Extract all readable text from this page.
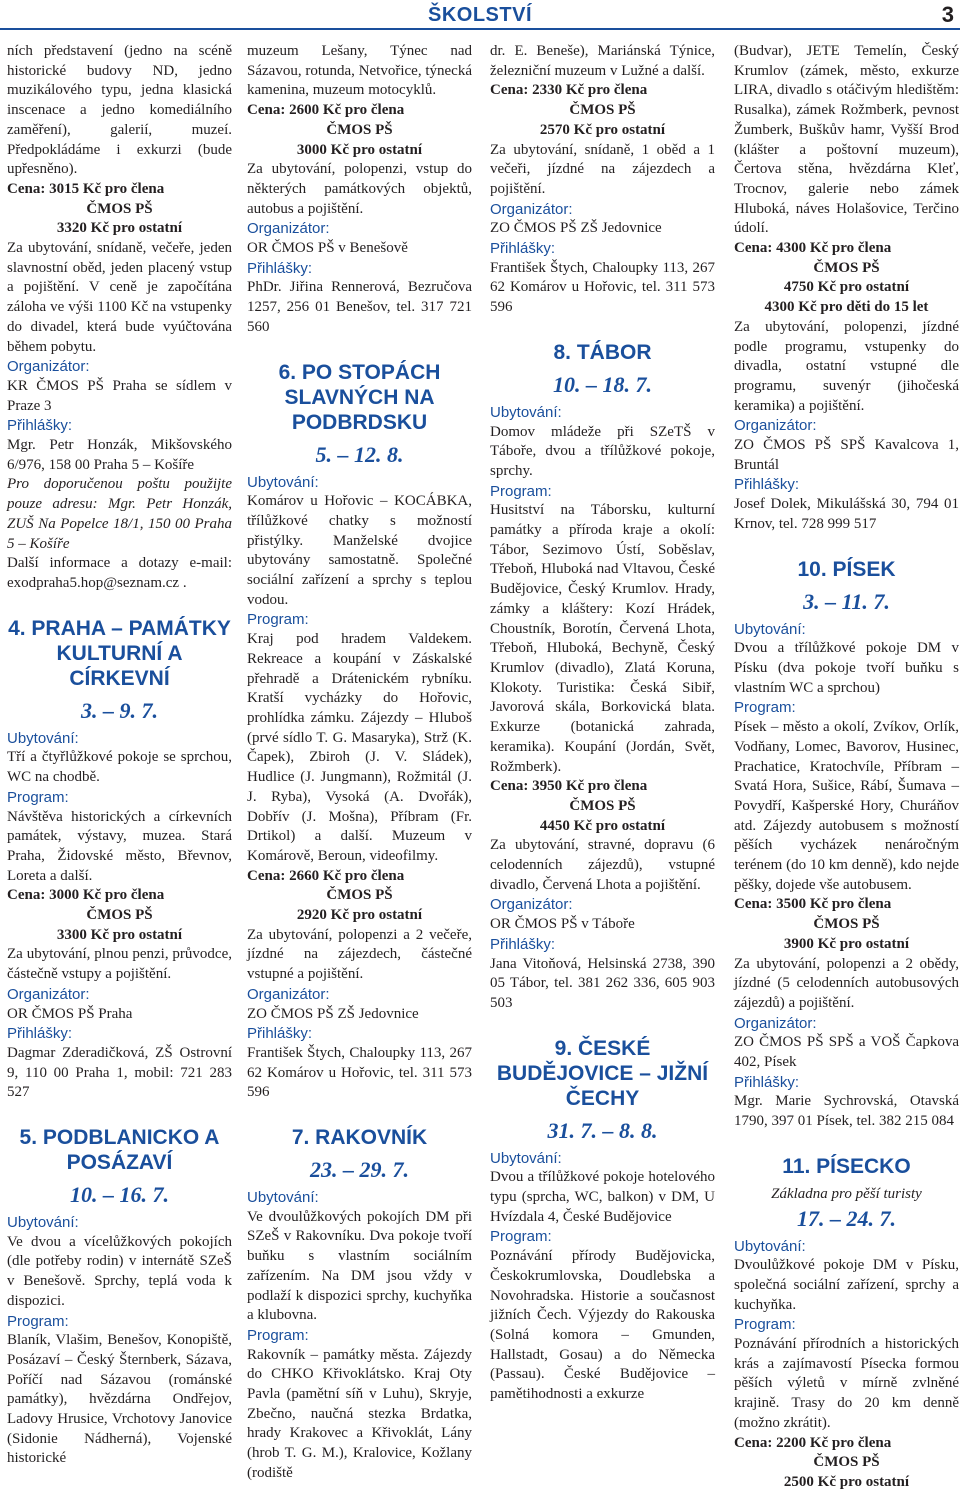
ŠKOLSTVÍ	3

ních představení (jedno na scéně historické budovy ND, jedno muzikálového typu, jedna klasická inscenace a jedno komediálního zaměření), galerií, muzeí. Předpokládáme i exkurzi (bude upřesněno).

Cena: 3015 Kč pro člena

ČMOS PŠ

3320 Kč pro ostatní

Za ubytování, snídaně, večeře, jeden slavnostní oběd, jeden placený vstup a pojištění. V ceně je započítána záloha ve výši 1100 Kč na vstupenky do divadel, která bude vyúčtována během pobytu.

Organizátor:

KR ČMOS PŠ Praha se sídlem v Praze 3

Přihlášky:

Mgr. Petr Honzák, Mikšovského 6/976, 158 00 Praha 5 – Košíře

Pro doporučenou poštu použijte pouze adresu: Mgr. Petr Honzák, ZUŠ Na Popelce 18/1, 150 00 Praha 5 – Košíře

Další informace a dotazy e-mail: exodpraha5.hop@seznam.cz .

4. PRAHA – PAMÁTKY KULTURNÍ A CÍRKEVNÍ

3. – 9. 7.

Ubytování:

Tří a čtyřlůžkové pokoje se sprchou, WC na chodbě.

Program:

Návštěva historických a církevních památek, výstavy, muzea. Stará Praha, Židovské město, Břevnov, Loreta a další.

Cena: 3000 Kč pro člena

ČMOS PŠ

3300 Kč pro ostatní

Za ubytování, plnou penzi, průvodce, částečně vstupy a pojištění.

Organizátor:

OR ČMOS PŠ Praha

Přihlášky:

Dagmar Zderadičková, ZŠ Ostrovní 9, 110 00 Praha 1, mobil: 721 283 527

5. PODBLANICKO A POSÁZAVÍ

10. – 16. 7.

Ubytování:

Ve dvou a vícelůžkových pokojích (dle potřeby rodin) v internátě SZeŠ v Benešově. Sprchy, teplá voda k dispozici.

Program:

Blaník, Vlašim, Benešov, Konopiště, Posázaví – Český Šternberk, Sázava, Poříčí nad Sázavou (románské památky), hvězdárna Ondřejov, Ladovy Hrusice, Vrchotovy Janovice (Sidonie Nádherná), Vojenské historické

muzeum Lešany, Týnec nad Sázavou, rotunda, Netvořice, týnecká kamenina, muzeum motocyklů.

Cena: 2600 Kč pro člena

ČMOS PŠ

3000 Kč pro ostatní

Za ubytování, polopenzi, vstup do některých památkových objektů, autobus a pojištění.

Organizátor:

OR ČMOS PŠ v Benešově

Přihlášky:

PhDr. Jiřina Rennerová, Bezručova 1257, 256 01 Benešov, tel. 317 721 560

6. PO STOPÁCH SLAVNÝCH NA PODBRDSKU

5. – 12. 8.

Ubytování:

Komárov u Hořovic – KOCÁBKA, třílůžkové chatky s možností přistýlky. Manželské dvojice ubytovány samostatně. Společné sociální zařízení a sprchy s teplou vodou.

Program:

Kraj pod hradem Valdekem. Rekreace a koupání v Záskalské přehradě a Drátenickém rybníku. Kratší vycházky do Hořovic, prohlídka zámku. Zájezdy – Hluboš (prvé sídlo T. G. Masaryka), Strž (K. Čapek), Zbiroh (J. V. Sládek), Hudlice (J. Jungmann), Rožmitál (J. J. Ryba), Vysoká (A. Dvořák), Dobřív (J. Mošna), Příbram (Fr. Drtikol) a další. Muzeum v Komárově, Beroun, videofilmy.

Cena: 2660 Kč pro člena

ČMOS PŠ

2920 Kč pro ostatní

Za ubytování, polopenzi a 2 večeře, jízdné na zájezdech, částečné vstupné a pojištění.

Organizátor:

ZO ČMOS PŠ ZŠ Jedovnice

Přihlášky:

František Štych, Chaloupky 113, 267 62 Komárov u Hořovic, tel. 311 573 596

7. RAKOVNÍK

23. – 29. 7.

Ubytování:

Ve dvoulůžkových pokojích DM při SZeŠ v Rakovníku. Dva pokoje tvoří buňku s vlastním sociálním zařízením. Na DM jsou vždy v podlaží k dispozici sprchy, kuchyňka a klubovna.

Program:

Rakovník – památky města. Zájezdy do CHKO Křivoklátsko. Kraj Oty Pavla (pamětní síň v Luhu), Skryje, Zbečno, naučná stezka Brdatka, hrady Krakovec a Křivoklát, Lány (hrob T. G. M.), Kralovice, Kožlany (rodiště

dr. E. Beneše), Mariánská Týnice, železniční muzeum v Lužné a další.

Cena: 2330 Kč pro člena

ČMOS PŠ

2570 Kč pro ostatní

Za ubytování, snídaně, 1 oběd a 1 večeři, jízdné na zájezdech a pojištění.

Organizátor:

ZO ČMOS PŠ ZŠ Jedovnice

Přihlášky:

František Štych, Chaloupky 113, 267 62 Komárov u Hořovic, tel. 311 573 596

8. TÁBOR

10. – 18. 7.

Ubytování:

Domov mládeže při SZeTŠ v Táboře, dvou a třílůžkové pokoje, sprchy.

Program:

Husitství na Táborsku, kulturní památky a příroda kraje a okolí: Tábor, Sezimovo Ústí, Soběslav, Třeboň, Hluboká nad Vltavou, České Budějovice, Český Krumlov. Hrady, zámky a kláštery: Kozí Hrádek, Choustník, Borotín, Červená Lhota, Třeboň, Hluboká, Bechyně, Český Krumlov (divadlo), Zlatá Koruna, Klokoty. Turistika: Česká Sibiř, Javorová skála, Borkovická blata. Exkurze (botanická zahrada, keramika). Koupání (Jordán, Svět, Rožmberk).

Cena: 3950 Kč pro člena

ČMOS PŠ

4450 Kč pro ostatní

Za ubytování, stravné, dopravu (6 celodenních zájezdů), vstupné divadlo, Červená Lhota a pojištění.

Organizátor:

OR ČMOS PŠ v Táboře

Přihlášky:

Jana Vitoňová, Helsinská 2738, 390 05 Tábor, tel. 381 262 336, 605 903 503

9. ČESKÉ BUDĚJOVICE – JIŽNÍ ČECHY

31. 7. – 8. 8.

Ubytování:

Dvou a třílůžkové pokoje hotelového typu (sprcha, WC, balkon) v DM, U Hvízdala 4, České Budějovice

Program:

Poznávání přírody Budějovicka, Českokrumlovska, Doudlebska a Novohradska. Historie a současnost jižních Čech. Výjezdy do Rakouska (Solná komora – Gmunden, Hallstadt, Gosau) a do Německa (Passau). České Budějovice – pamětihodnosti a exkurze

(Budvar), JETE Temelín, Český Krumlov (zámek, město, exkurze LIRA, divadlo s otáčivým hledištěm: Rusalka), zámek Rožmberk, pevnost Žumberk, Buškův hamr, Vyšší Brod (klášter a poštovní muzeum), Čertova stěna, hvězdárna Kleť, Trocnov, galerie nebo zámek Hluboká, náves Holašovice, Terčino údolí.

Cena: 4300 Kč pro člena

ČMOS PŠ

4750 Kč pro ostatní

4300 Kč pro děti do 15 let

Za ubytování, polopenzi, jízdné podle programu, vstupenky do divadla, ostatní vstupné dle programu, suvenýr (jihočeská keramika) a pojištění.

Organizátor:

ZO ČMOS PŠ SPŠ Kavalcova 1, Bruntál

Přihlášky:

Josef Dolek, Mikulášská 30, 794 01 Krnov, tel. 728 999 517

10. PÍSEK

3. – 11. 7.

Ubytování:

Dvou a třílůžkové pokoje DM v Písku (dva pokoje tvoří buňku s vlastním WC a sprchou)

Program:

Písek – město a okolí, Zvíkov, Orlík, Vodňany, Lomec, Bavorov, Husinec, Prachatice, Kratochvíle, Příbram – Svatá Hora, Sušice, Rábí, Šumava – Povydří, Kašperské Hory, Churáňov atd. Zájezdy autobusem s možností pěších vycházek nenáročným terénem (do 10 km denně), kdo nejde pěšky, dojede vše autobusem.

Cena: 3500 Kč pro člena

ČMOS PŠ

3900 Kč pro ostatní

Za ubytování, polopenzi a 2 obědy, jízdné (5 celodenních autobusových zájezdů) a pojištění.

Organizátor:

ZO ČMOS PŠ SPŠ a VOŠ Čapkova 402, Písek

Přihlášky:

Mgr. Marie Sychrovská, Otavská 1790, 397 01 Písek, tel. 382 215 084

11. PÍSECKO

Základna pro pěší turisty

17. – 24. 7.

Ubytování:

Dvoulůžkové pokoje DM v Písku, společná sociální zařízení, sprchy a kuchyňka.

Program:

Poznávání přírodních a historických krás a zajímavostí Písecka formou pěších výletů v mírně zvlněné krajině. Trasy do 20 km denně (možno zkrátit).

Cena: 2200 Kč pro člena

ČMOS PŠ

2500 Kč pro ostatní
